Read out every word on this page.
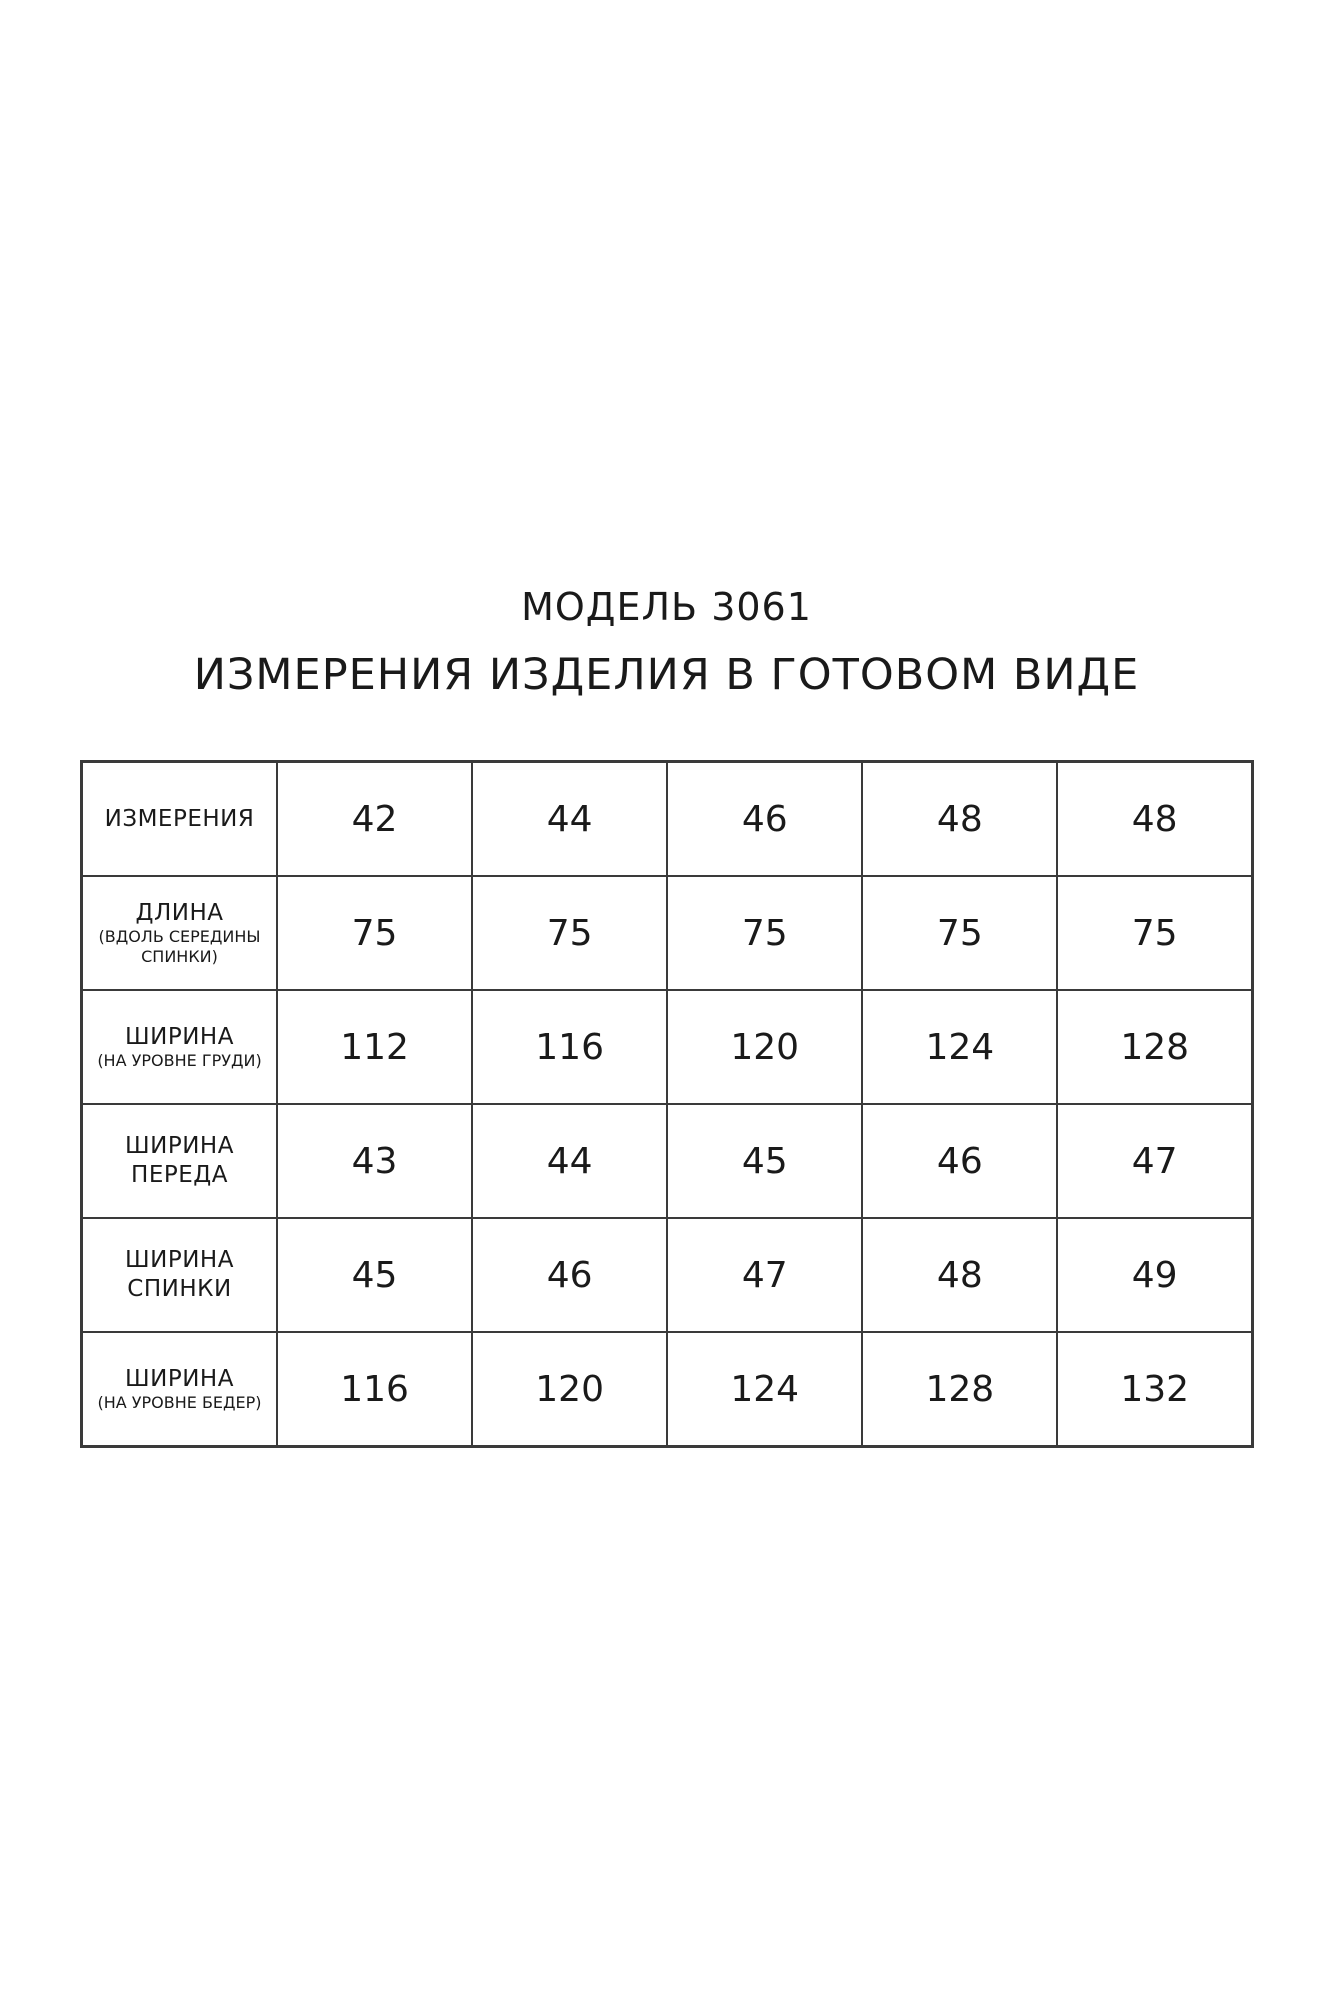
МОДЕЛЬ 3061
ИЗМЕРЕНИЯ ИЗДЕЛИЯ В ГОТОВОМ ВИДЕ
ИЗМЕРЕНИЯ	42	44	46	48	48

ДЛИНА
(ВДОЛЬ СЕРЕДИНЫ СПИНКИ)	75	75	75	75	75

ШИРИНА
(НА УРОВНЕ ГРУДИ)	112	116	120	124	128

ШИРИНА ПЕРЕДА	43	44	45	46	47

ШИРИНА СПИНКИ	45	46	47	48	49

ШИРИНА
(НА УРОВНЕ БЕДЕР)	116	120	124	128	132
